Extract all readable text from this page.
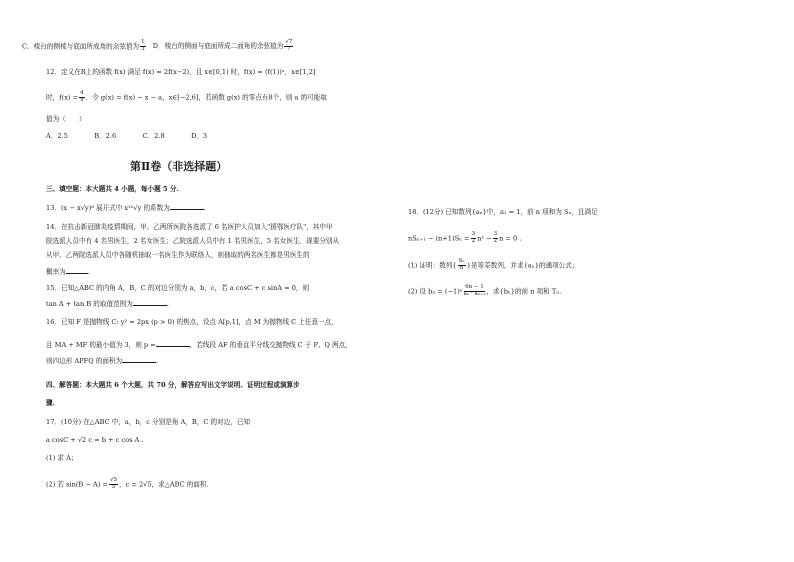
C．棱台的侧棱与底面所成角的余弦值为 $\frac{1}{3}$ D．棱台的侧面与底面所成二面角的余弦值为 $\frac{√7}{7}$
12．定义在R上的函数 f(x) 满足 f(x) = 2f(x−2)，且 x∈[0,1) 时，f(x) = (f(1))ˣ，x∈[1,2]
时，$f(x) = \frac{4}{x}$ ．令 g(x) = f(x) − x − a，x∈[−2,6]，若函数 g(x) 的零点有8个，则 a 的可能取
值为（　　）
A．2.5　　　　B．2.6　　　　C．2.8　　　　D．3
第Ⅱ卷（非选择题）
三、填空题：本大题共 4 小题，每小题 5 分.
13．(x − x√y)⁸ 展开式中 x¹⁰√y 的系数为	.
14．在抗击新冠肺炎疫情期间，甲、乙两所医院各选派了 6 名医护人员加入"援鄂医疗队"，其中甲
院选派人员中有 4 名男医生，2 名女医生；乙院选派人员中有 1 名男医生，5 名女医生．现要分别从
从甲、乙两院选派人员中各随机抽取一名医生作为联络人，则抽取的两名医生都是男医生的
概率为	.
15．已知△ABC 的内角 A，B，C 的对边分别为 a，b，c，若 a cosC + c sinA = 0，则
tan A + tan B 的取值范围为	.
16．已知 F 是抛物线 C: y² = 2px (p > 0) 的焦点，设点 A[p,1]，点 M 为抛物线 C 上任意一点，
且 MA + MF 的最小值为 3，则 p =	，若线段 AF 的垂直平分线交抛物线 C 于 P、Q 两点，
则四边形 APFQ 的面积为	.
四、解答题：本大题共 6 个大题，共 70 分，解答应写出文字说明、证明过程或演算步
骤.
17．(10分) 在△ABC 中，a，b，c 分别是角 A，B，C 的对边，已知
a cosC + √2 c = b + c cos A .
(1) 求 A；
(2) 若 $\sin(B - A) = \frac{√5}{5}$ ，c = 2√5，求△ABC 的面积.
18．(12分) 已知数列{aₙ}中，a₁ = 1，前 n 项和为 Sₙ，且满足
$nS_{n+1} - (n+1)S_n = \frac{3}{2} n^2 - \frac{3}{2}$ n = 0 .
(1) 证明：数列{ $\frac{\text{Sₙ}}{n}$ }是等差数列，并求{aₙ}的通项公式；
(2) 设 $b_n = (-1)^n \frac{6n - 1}{\text{aₙ · aₙ₊₁}}$ ，求{bₙ}的前 n 项和 Tₙ.
